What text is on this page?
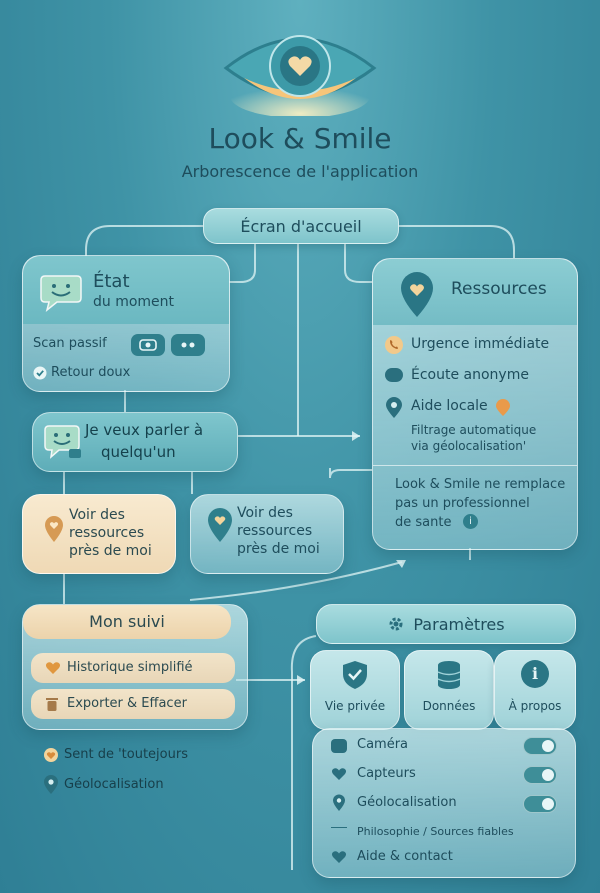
Look & Smile
Arborescence de l'application
Écran d'accueil
État
du moment
Scan passif
Retour doux
Je veux parler à
quelqu'un
Voir des
ressources
près de moi
Voir des
ressources
près de moi
Ressources
Urgence immédiate
Écoute anonyme
Aide locale
Filtrage automatique
via géolocalisation'
Look & Smile ne remplace
pas un professionnel
de sante	i
Mon suivi
Historique simplifié
Exporter & Effacer
Sent de 'toutejours
Géolocalisation
Paramètres
Vie privée	Données
i
À propos
Caméra
Capteurs
Géolocalisation
Philosophie / Sources fiables
Aide & contact
